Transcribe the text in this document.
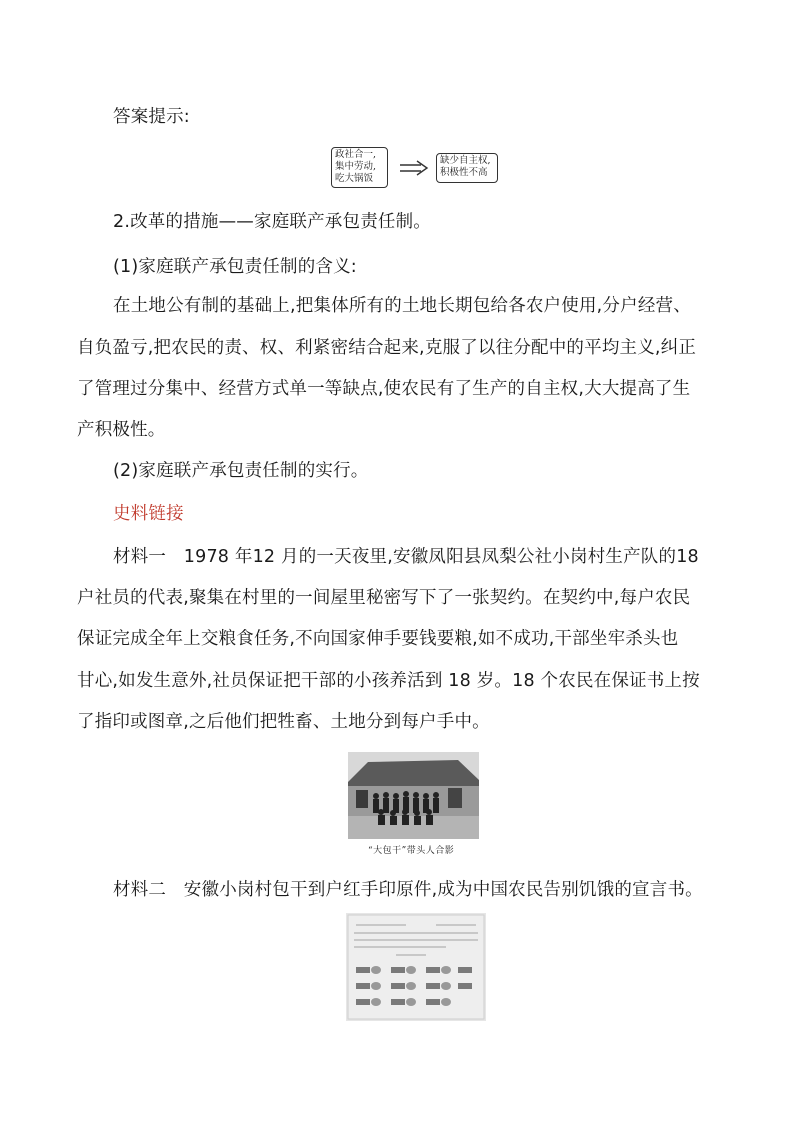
答案提示:
政社合一,
集中劳动,
吃大锅饭
缺少自主权,
积极性不高
2.改革的措施——家庭联产承包责任制。
(1)家庭联产承包责任制的含义:
在土地公有制的基础上,把集体所有的土地长期包给各农户使用,分户经营、
自负盈亏,把农民的责、权、利紧密结合起来,克服了以往分配中的平均主义,纠正
了管理过分集中、经营方式单一等缺点,使农民有了生产的自主权,大大提高了生
产积极性。
(2)家庭联产承包责任制的实行。
史料链接
材料一　1978 年12 月的一天夜里,安徽凤阳县凤梨公社小岗村生产队的18
户社员的代表,聚集在村里的一间屋里秘密写下了一张契约。在契约中,每户农民
保证完成全年上交粮食任务,不向国家伸手要钱要粮,如不成功,干部坐牢杀头也
甘心,如发生意外,社员保证把干部的小孩养活到 18 岁。18 个农民在保证书上按
了指印或图章,之后他们把牲畜、土地分到每户手中。
“大包干”带头人合影
材料二　安徽小岗村包干到户红手印原件,成为中国农民告别饥饿的宣言书。
